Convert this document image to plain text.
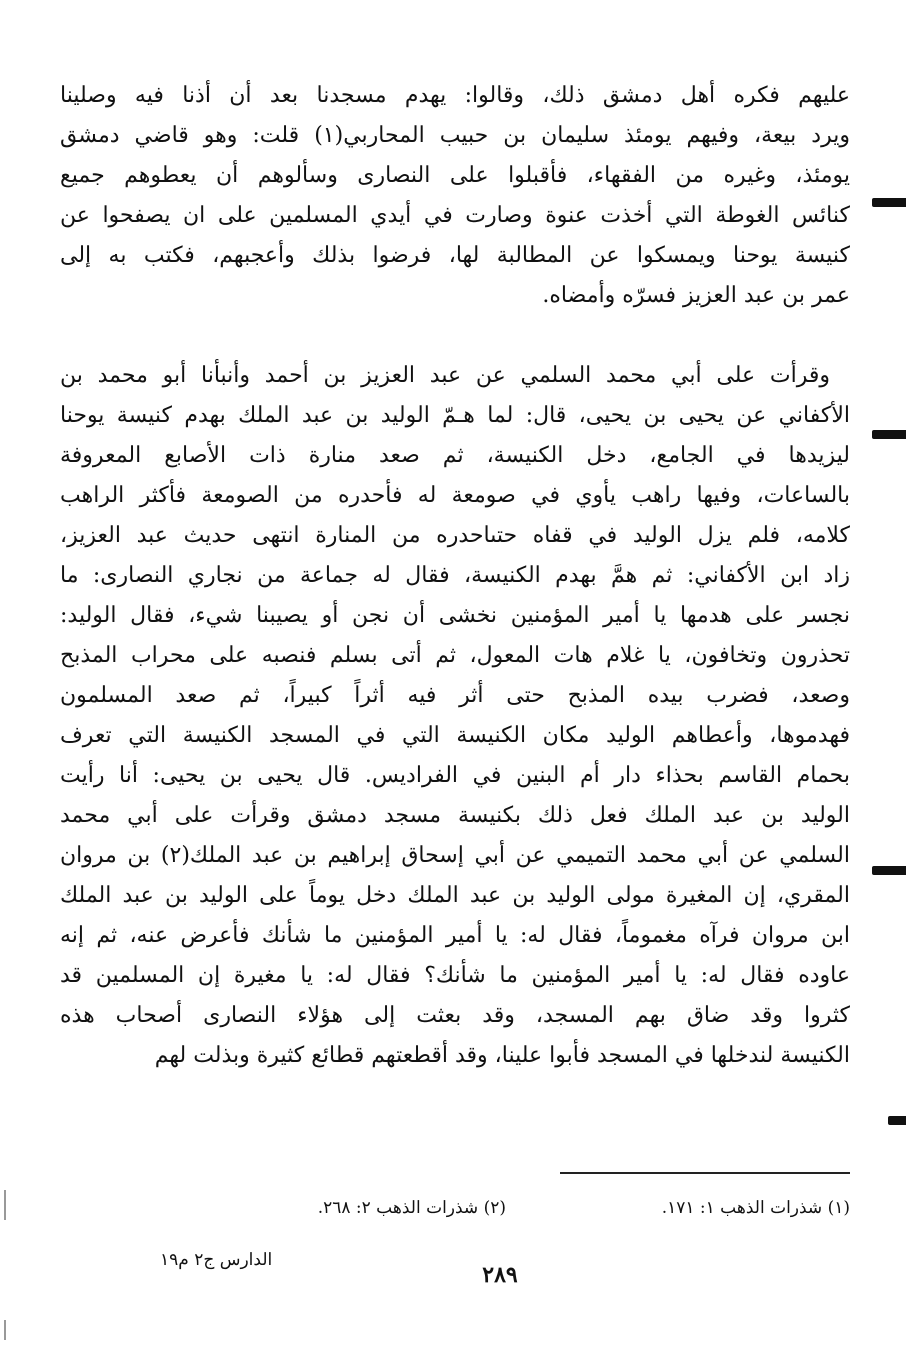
عليهم فكره أهل دمشق ذلك، وقالوا: يهدم مسجدنا بعد أن أذنا فيه وصلينا
ويرد بيعة، وفيهم يومئذ سليمان بن حبيب المحاربي(١) قلت: وهو قاضي دمشق
يومئذ، وغيره من الفقهاء، فأقبلوا على النصارى وسألوهم أن يعطوهم جميع
كنائس الغوطة التي أخذت عنوة وصارت في أيدي المسلمين على ان يصفحوا عن
كنيسة يوحنا ويمسكوا عن المطالبة لها، فرضوا بذلك وأعجبهم، فكتب به إلى
عمر بن عبد العزيز فسرّه وأمضاه.
وقرأت على أبي محمد السلمي عن عبد العزيز بن أحمد وأنبأنا أبو محمد بن
الأكفاني عن يحيى بن يحيى، قال: لما هـمّ الوليد بن عبد الملك بهدم كنيسة يوحنا
ليزيدها في الجامع، دخل الكنيسة، ثم صعد منارة ذات الأصابع المعروفة
بالساعات، وفيها راهب يأوي في صومعة له فأحدره من الصومعة فأكثر الراهب
كلامه، فلم يزل الوليد في قفاه حتىاحدره من المنارة انتهى حديث عبد العزيز،
زاد ابن الأكفاني: ثم همَّ بهدم الكنيسة، فقال له جماعة من نجاري النصارى: ما
نجسر على هدمها يا أمير المؤمنين نخشى أن نجن أو يصيبنا شيء، فقال الوليد:
تحذرون وتخافون، يا غلام هات المعول، ثم أتى بسلم فنصبه على محراب المذبح
وصعد، فضرب بيده المذبح حتى أثر فيه أثراً كبيراً، ثم صعد المسلمون
فهدموها، وأعطاهم الوليد مكان الكنيسة التي في المسجد الكنيسة التي تعرف
بحمام القاسم بحذاء دار أم البنين في الفراديس. قال يحيى بن يحيى: أنا رأيت
الوليد بن عبد الملك فعل ذلك بكنيسة مسجد دمشق وقرأت على أبي محمد
السلمي عن أبي محمد التميمي عن أبي إسحاق إبراهيم بن عبد الملك(٢) بن مروان
المقري، إن المغيرة مولى الوليد بن عبد الملك دخل يوماً على الوليد بن عبد الملك
ابن مروان فرآه مغموماً، فقال له: يا أمير المؤمنين ما شأنك فأعرض عنه، ثم إنه
عاوده فقال له: يا أمير المؤمنين ما شأنك؟ فقال له: يا مغيرة إن المسلمين قد
كثروا وقد ضاق بهم المسجد، وقد بعثت إلى هؤلاء النصارى أصحاب هذه
الكنيسة لندخلها في المسجد فأبوا علينا، وقد أقطعتهم قطائع كثيرة وبذلت لهم
(١) شذرات الذهب ١: ١٧١.
(٢) شذرات الذهب ٢: ٢٦٨.
الدارس ج٢ م١٩
٢٨٩
